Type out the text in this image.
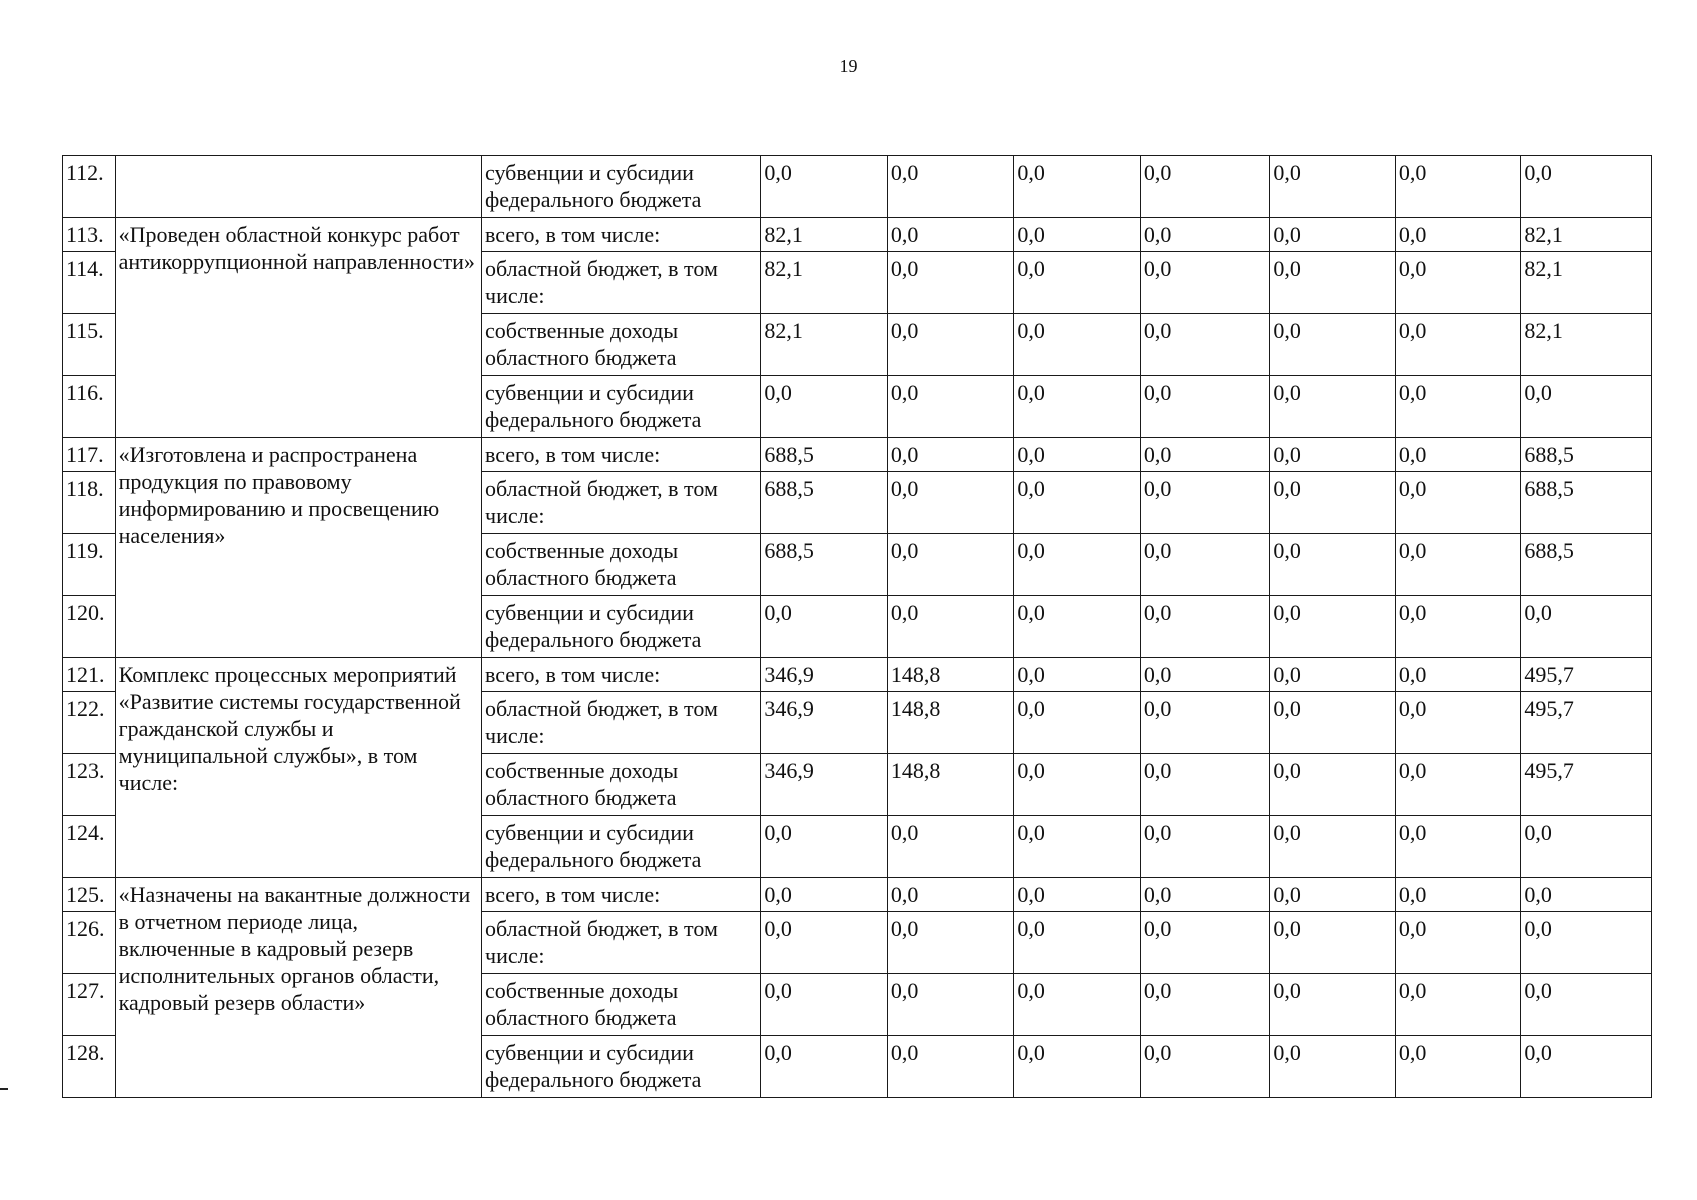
19
112.		субвенции и субсидии федерального бюджета	0,0	0,0	0,0	0,0	0,0	0,0	0,0
113.	«Проведен областной конкурс работ антикоррупционной направленности»	всего, в том числе:	82,1	0,0	0,0	0,0	0,0	0,0	82,1
114.		областной бюджет, в том числе:	82,1	0,0	0,0	0,0	0,0	0,0	82,1
115.		собственные доходы областного бюджета	82,1	0,0	0,0	0,0	0,0	0,0	82,1
116.		субвенции и субсидии федерального бюджета	0,0	0,0	0,0	0,0	0,0	0,0	0,0
117.	«Изготовлена и распространена продукция по правовому информированию и просвещению населения»	всего, в том числе:	688,5	0,0	0,0	0,0	0,0	0,0	688,5
118.		областной бюджет, в том числе:	688,5	0,0	0,0	0,0	0,0	0,0	688,5
119.		собственные доходы областного бюджета	688,5	0,0	0,0	0,0	0,0	0,0	688,5
120.		субвенции и субсидии федерального бюджета	0,0	0,0	0,0	0,0	0,0	0,0	0,0
121.	Комплекс процессных мероприятий «Развитие системы государственной гражданской службы и муниципальной службы», в том числе:	всего, в том числе:	346,9	148,8	0,0	0,0	0,0	0,0	495,7
122.		областной бюджет, в том числе:	346,9	148,8	0,0	0,0	0,0	0,0	495,7
123.		собственные доходы областного бюджета	346,9	148,8	0,0	0,0	0,0	0,0	495,7
124.		субвенции и субсидии федерального бюджета	0,0	0,0	0,0	0,0	0,0	0,0	0,0
125.	«Назначены на вакантные должности в отчетном периоде лица, включенные в кадровый резерв исполнительных органов области, кадровый резерв области»	всего, в том числе:	0,0	0,0	0,0	0,0	0,0	0,0	0,0
126.		областной бюджет, в том числе:	0,0	0,0	0,0	0,0	0,0	0,0	0,0
127.		собственные доходы областного бюджета	0,0	0,0	0,0	0,0	0,0	0,0	0,0
128.		субвенции и субсидии федерального бюджета	0,0	0,0	0,0	0,0	0,0	0,0	0,0
